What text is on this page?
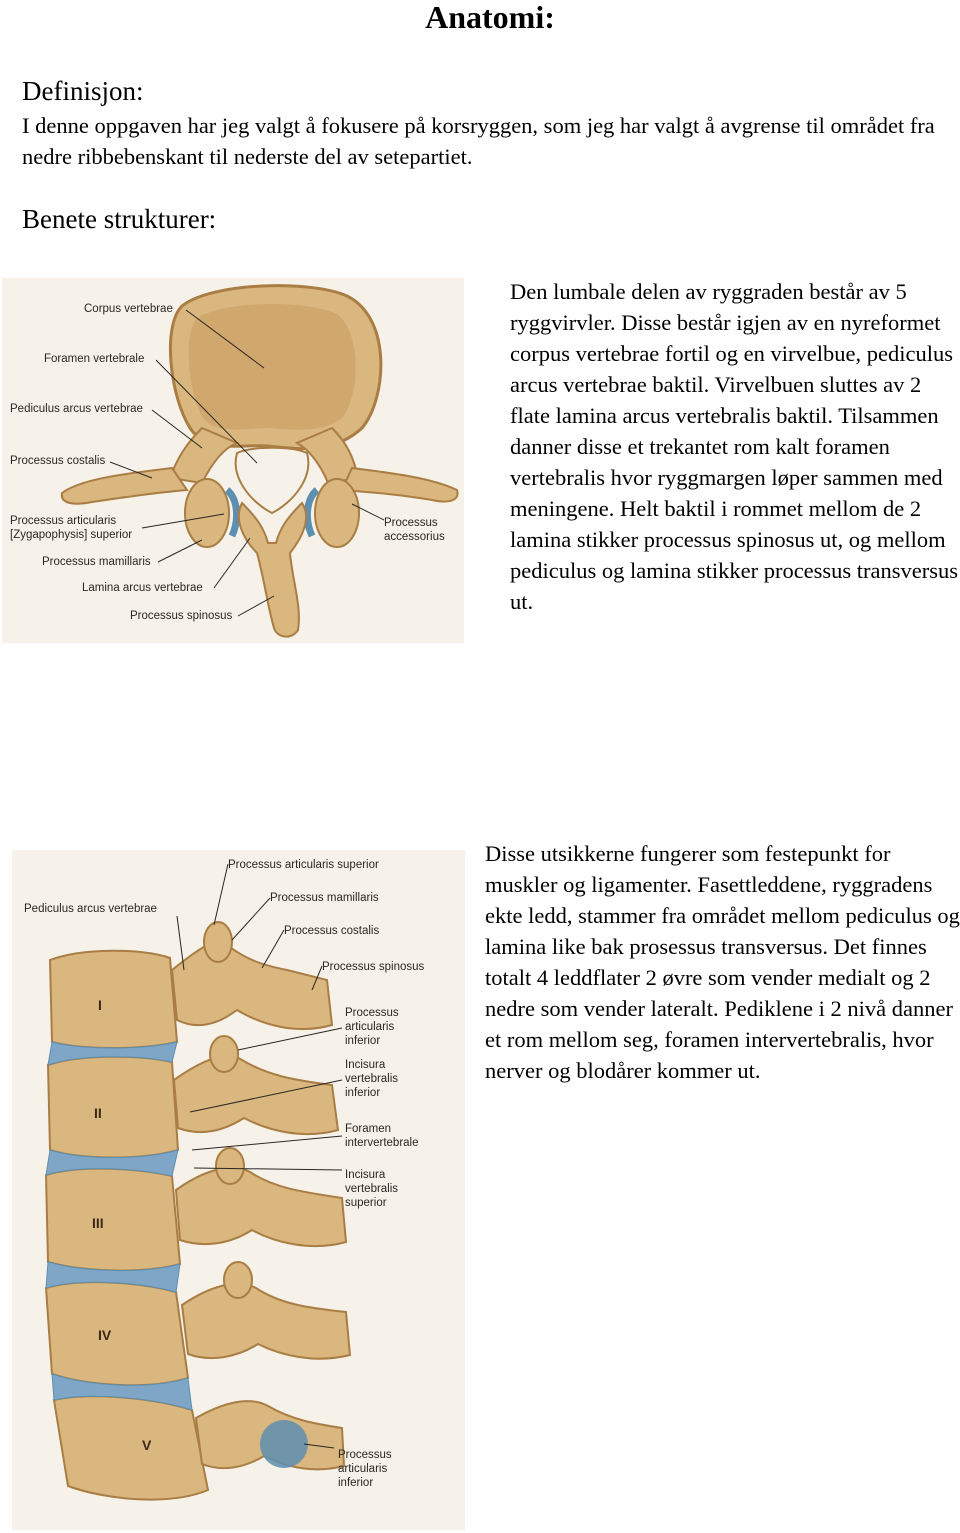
Anatomi:
Definisjon:
I denne oppgaven har jeg valgt å fokusere på korsryggen, som jeg har valgt å avgrense til området fra nedre ribbebenskant til nederste del av setepartiet.
Benete strukturer:
Corpus vertebrae
Foramen vertebrale
Pediculus arcus vertebrae
Processus costalis
Processus articularis
[Zygapophysis] superior
Processus mamillaris
Lamina arcus vertebrae
Processus spinosus
Processus
accessorius
Den lumbale delen av ryggraden består av 5 ryggvirvler. Disse består igjen av en nyreformet corpus vertebrae fortil og en virvelbue, pediculus arcus vertebrae baktil. Virvelbuen sluttes av 2 flate lamina arcus vertebralis baktil. Tilsammen danner disse et trekantet rom kalt foramen vertebralis hvor ryggmargen løper sammen med meningene. Helt baktil i rommet mellom de 2 lamina stikker processus spinosus ut, og mellom pediculus og lamina stikker processus transversus ut.
I
II
III
IV
V
Processus articularis superior
Pediculus arcus vertebrae
Processus mamillaris
Processus costalis
Processus spinosus
Processus
articularis
inferior
Incisura
vertebralis
inferior
Foramen
intervertebrale
Incisura
vertebralis
superior
Processus
articularis
inferior
Disse utsikkerne fungerer som festepunkt for muskler og ligamenter. Fasettleddene, ryggradens ekte ledd, stammer fra området mellom pediculus og lamina like bak prosessus transversus. Det finnes totalt 4 leddflater 2 øvre som vender medialt og 2 nedre som vender lateralt. Pediklene i 2 nivå danner et rom mellom seg, foramen intervertebralis, hvor nerver og blodårer kommer ut.
